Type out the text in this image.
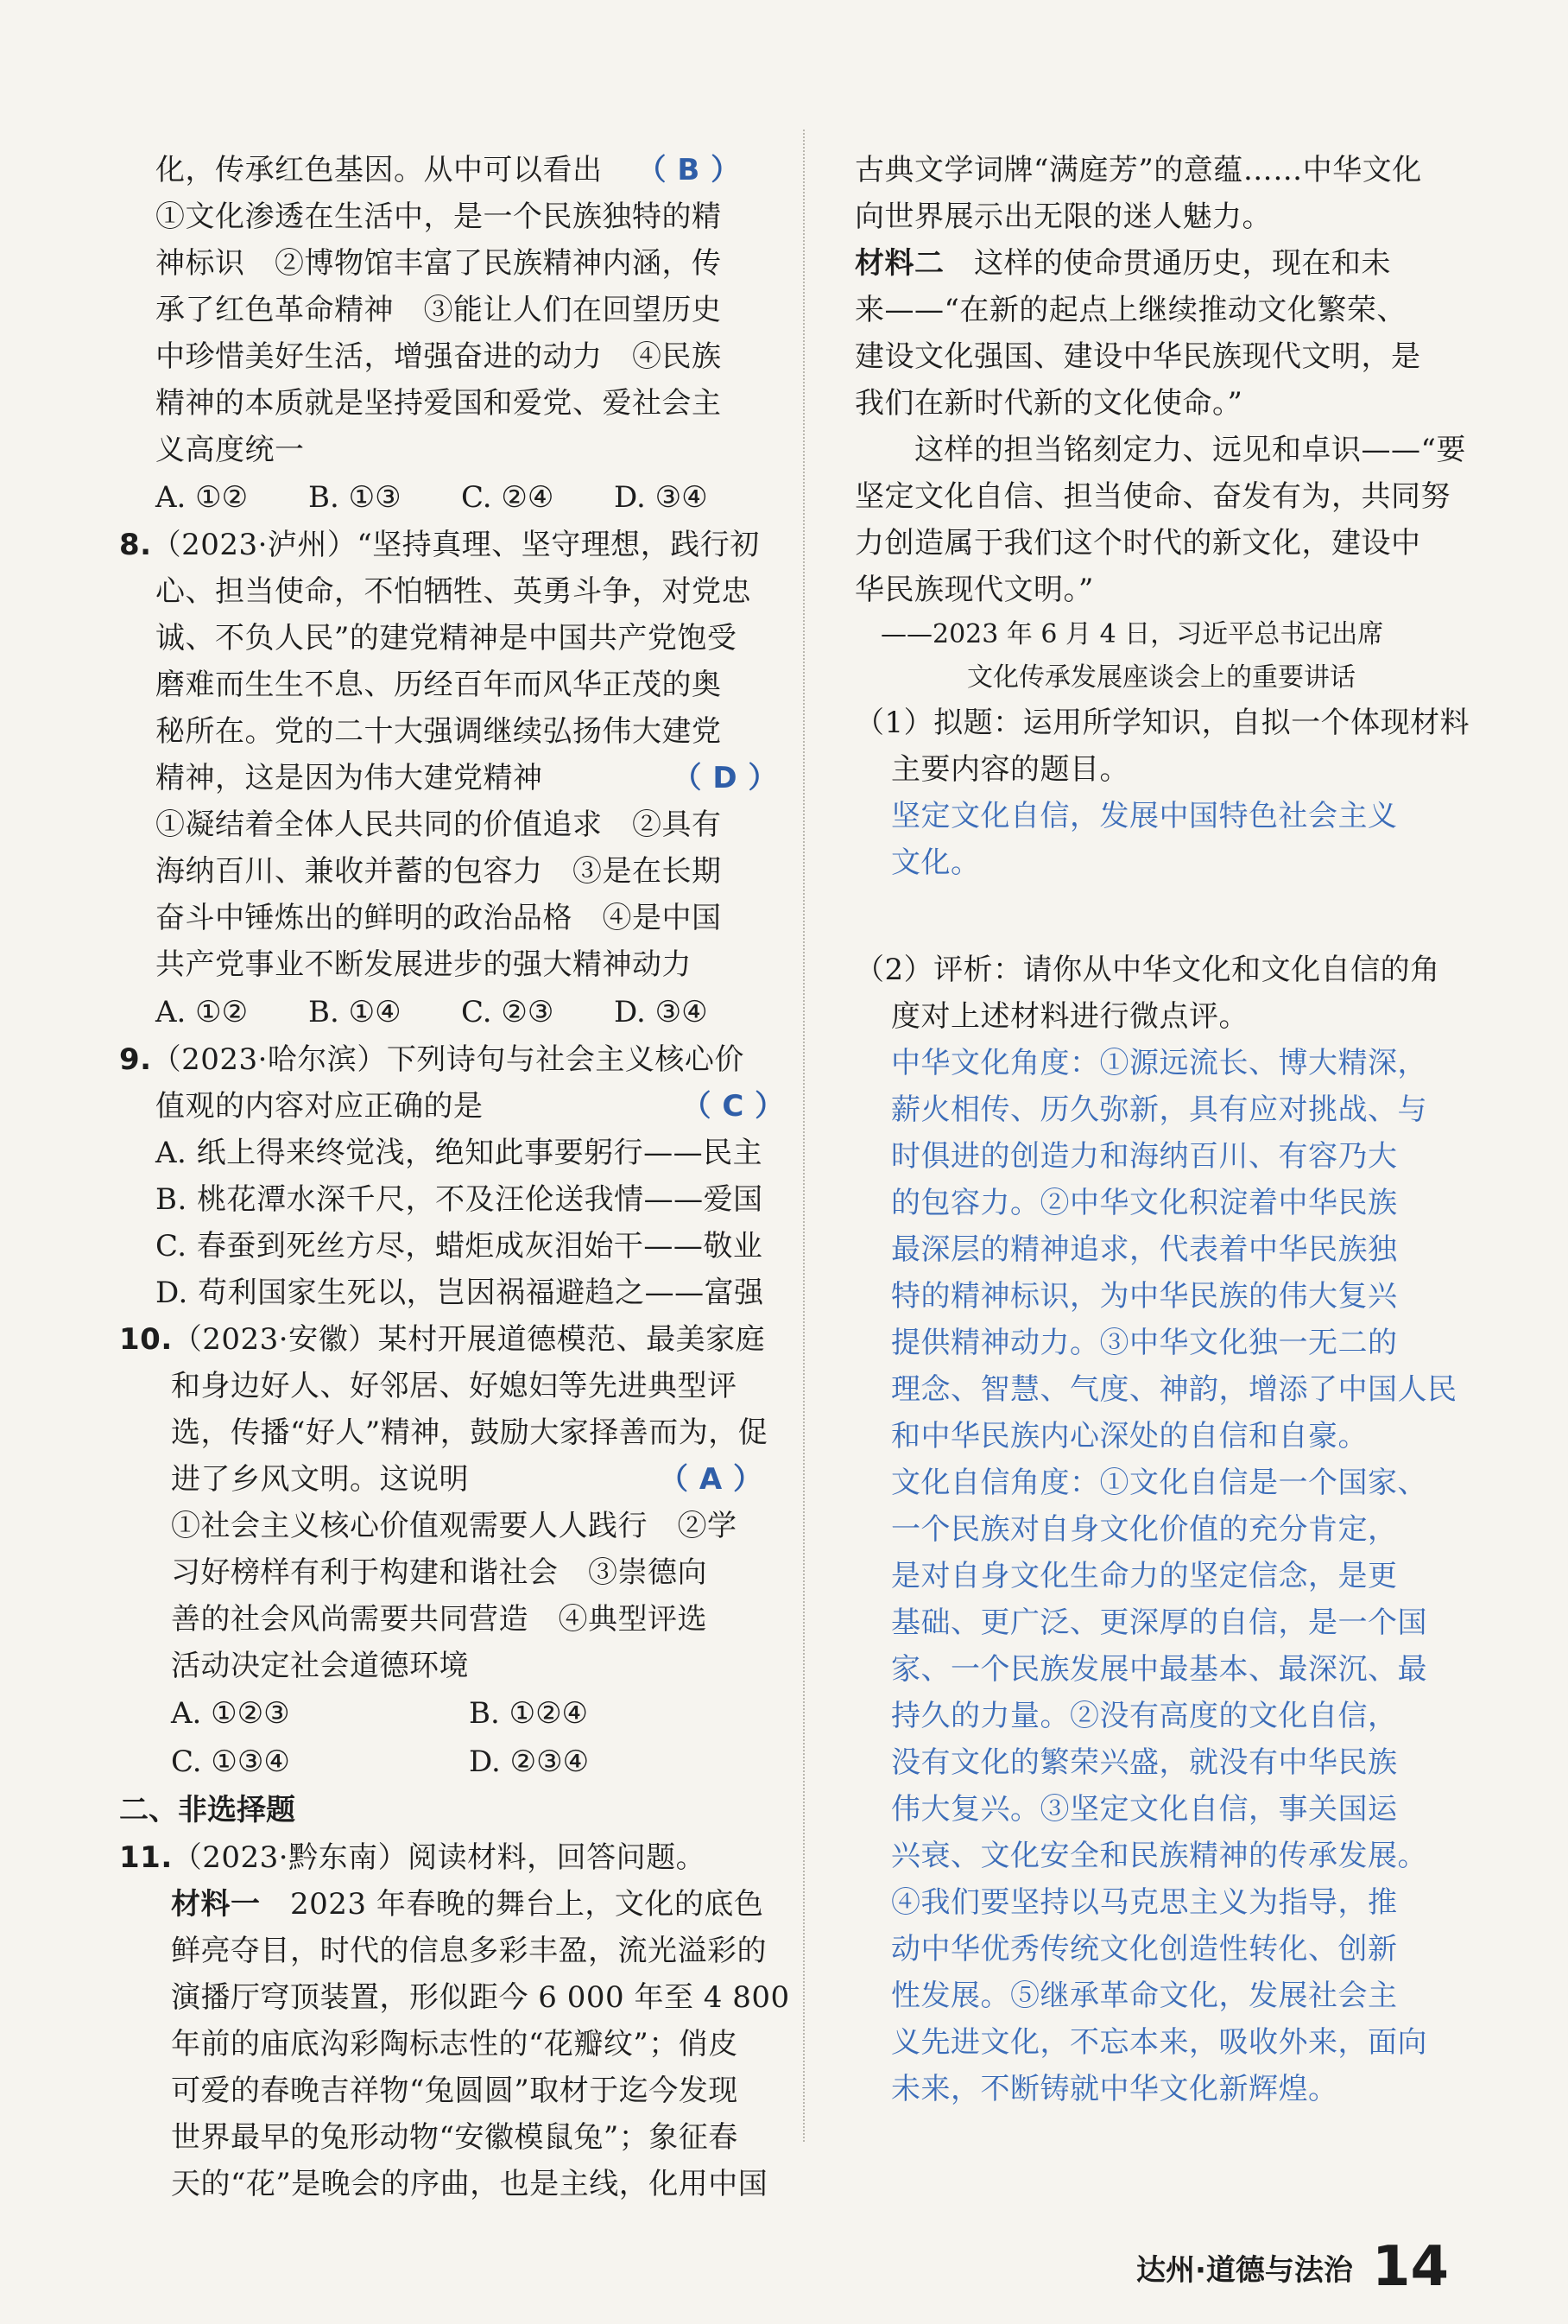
化，传承红色基因。从中可以看出 （ B ）

①文化渗透在生活中，是一个民族独特的精

神标识　②博物馆丰富了民族精神内涵，传

承了红色革命精神　③能让人们在回望历史

中珍惜美好生活，增强奋进的动力　④民族

精神的本质就是坚持爱国和爱党、爱社会主

义高度统一

A. ①②	B. ①③	C. ②④	D. ③④

8.（2023·泸州）“坚持真理、坚守理想，践行初

心、担当使命，不怕牺牲、英勇斗争，对党忠

诚、不负人民”的建党精神是中国共产党饱受

磨难而生生不息、历经百年而风华正茂的奥

秘所在。党的二十大强调继续弘扬伟大建党

精神，这是因为伟大建党精神	（ D ）

①凝结着全体人民共同的价值追求　②具有

海纳百川、兼收并蓄的包容力　③是在长期

奋斗中锤炼出的鲜明的政治品格　④是中国

共产党事业不断发展进步的强大精神动力

A. ①②	B. ①④	C. ②③	D. ③④

9.（2023·哈尔滨）下列诗句与社会主义核心价

值观的内容对应正确的是	（ C ）

A. 纸上得来终觉浅，绝知此事要躬行——民主

B. 桃花潭水深千尺，不及汪伦送我情——爱国

C. 春蚕到死丝方尽，蜡炬成灰泪始干——敬业

D. 苟利国家生死以，岂因祸福避趋之——富强

10.（2023·安徽）某村开展道德模范、最美家庭

和身边好人、好邻居、好媳妇等先进典型评

选，传播“好人”精神，鼓励大家择善而为，促

进了乡风文明。这说明	（ A ）

①社会主义核心价值观需要人人践行　②学

习好榜样有利于构建和谐社会　③崇德向

善的社会风尚需要共同营造　④典型评选

活动决定社会道德环境

A. ①②③	B. ①②④
C. ①③④	D. ②③④

二、非选择题

11.（2023·黔东南）阅读材料，回答问题。

材料一　2023 年春晚的舞台上，文化的底色

鲜亮夺目，时代的信息多彩丰盈，流光溢彩的

演播厅穹顶装置，形似距今 6 000 年至 4 800

年前的庙底沟彩陶标志性的“花瓣纹”；俏皮

可爱的春晚吉祥物“兔圆圆”取材于迄今发现

世界最早的兔形动物“安徽模鼠兔”；象征春

天的“花”是晚会的序曲，也是主线，化用中国

古典文学词牌“满庭芳”的意蕴……中华文化

向世界展示出无限的迷人魅力。

材料二　这样的使命贯通历史，现在和未

来——“在新的起点上继续推动文化繁荣、

建设文化强国、建设中华民族现代文明，是

我们在新时代新的文化使命。”

　　这样的担当铭刻定力、远见和卓识——“要

坚定文化自信、担当使命、奋发有为，共同努

力创造属于我们这个时代的新文化，建设中

华民族现代文明。”

——2023 年 6 月 4 日，习近平总书记出席

文化传承发展座谈会上的重要讲话

（1）拟题：运用所学知识，自拟一个体现材料

主要内容的题目。

坚定文化自信，发展中国特色社会主义

文化。

（2）评析：请你从中华文化和文化自信的角

度对上述材料进行微点评。

中华文化角度：①源远流长、博大精深，

薪火相传、历久弥新，具有应对挑战、与

时俱进的创造力和海纳百川、有容乃大

的包容力。②中华文化积淀着中华民族

最深层的精神追求，代表着中华民族独

特的精神标识，为中华民族的伟大复兴

提供精神动力。③中华文化独一无二的

理念、智慧、气度、神韵，增添了中国人民

和中华民族内心深处的自信和自豪。

文化自信角度：①文化自信是一个国家、

一个民族对自身文化价值的充分肯定，

是对自身文化生命力的坚定信念，是更

基础、更广泛、更深厚的自信，是一个国

家、一个民族发展中最基本、最深沉、最

持久的力量。②没有高度的文化自信，

没有文化的繁荣兴盛，就没有中华民族

伟大复兴。③坚定文化自信，事关国运

兴衰、文化安全和民族精神的传承发展。

④我们要坚持以马克思主义为指导，推

动中华优秀传统文化创造性转化、创新

性发展。⑤继承革命文化，发展社会主

义先进文化，不忘本来，吸收外来，面向

未来，不断铸就中华文化新辉煌。

达州·道德与法治 14
